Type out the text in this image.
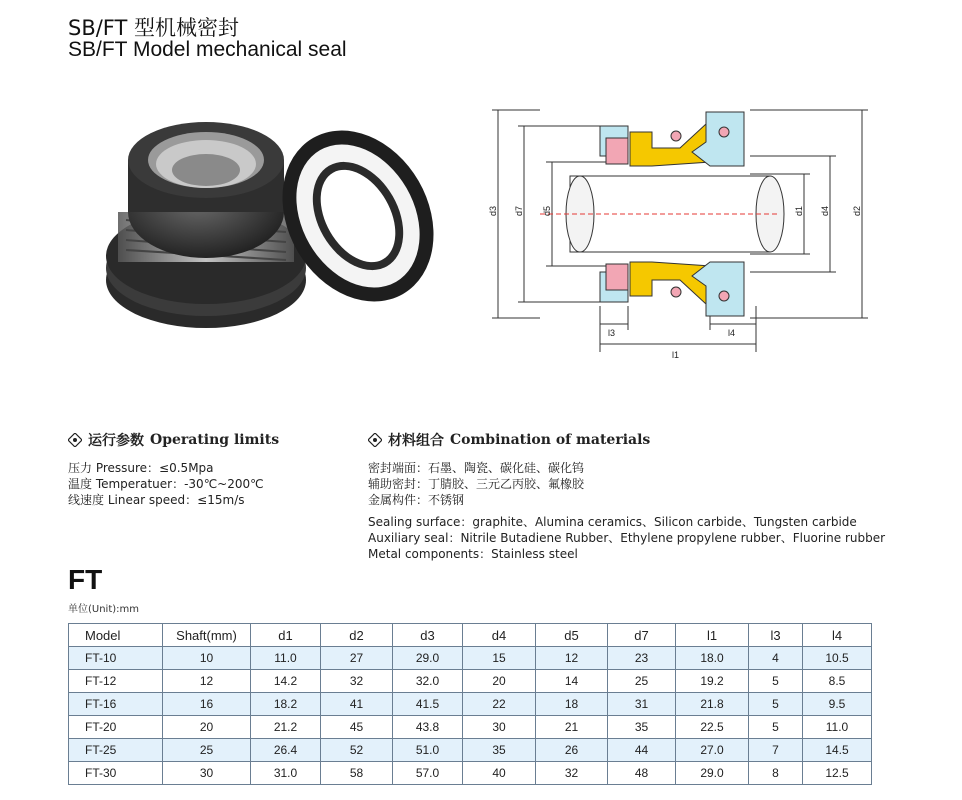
SB/FT 型机械密封
SB/FT Model mechanical seal
d3 d7 d5	d1 d4 d2
l3	l4
l1
运行参数 Operating limits
压力 Pressure：≤0.5Mpa
温度 Temperatuer：-30℃~200℃
线速度 Linear speed：≤15m/s
材料组合 Combination of materials
密封端面：石墨、陶瓷、碳化硅、碳化钨
辅助密封：丁腈胶、三元乙丙胶、氟橡胶
金属构件：不锈钢
Sealing surface：graphite、Alumina ceramics、Silicon carbide、Tungsten carbide
Auxiliary seal：Nitrile Butadiene Rubber、Ethylene propylene rubber、Fluorine rubber
Metal components：Stainless steel
FT
单位(Unit):mm
Model	Shaft(mm)	d1	d2	d3	d4	d5	d7	l1	l3	l4
FT-10	10	11.0	27	29.0	15	12	23	18.0	4	10.5
FT-12	12	14.2	32	32.0	20	14	25	19.2	5	8.5
FT-16	16	18.2	41	41.5	22	18	31	21.8	5	9.5
FT-20	20	21.2	45	43.8	30	21	35	22.5	5	11.0
FT-25	25	26.4	52	51.0	35	26	44	27.0	7	14.5
FT-30	30	31.0	58	57.0	40	32	48	29.0	8	12.5
